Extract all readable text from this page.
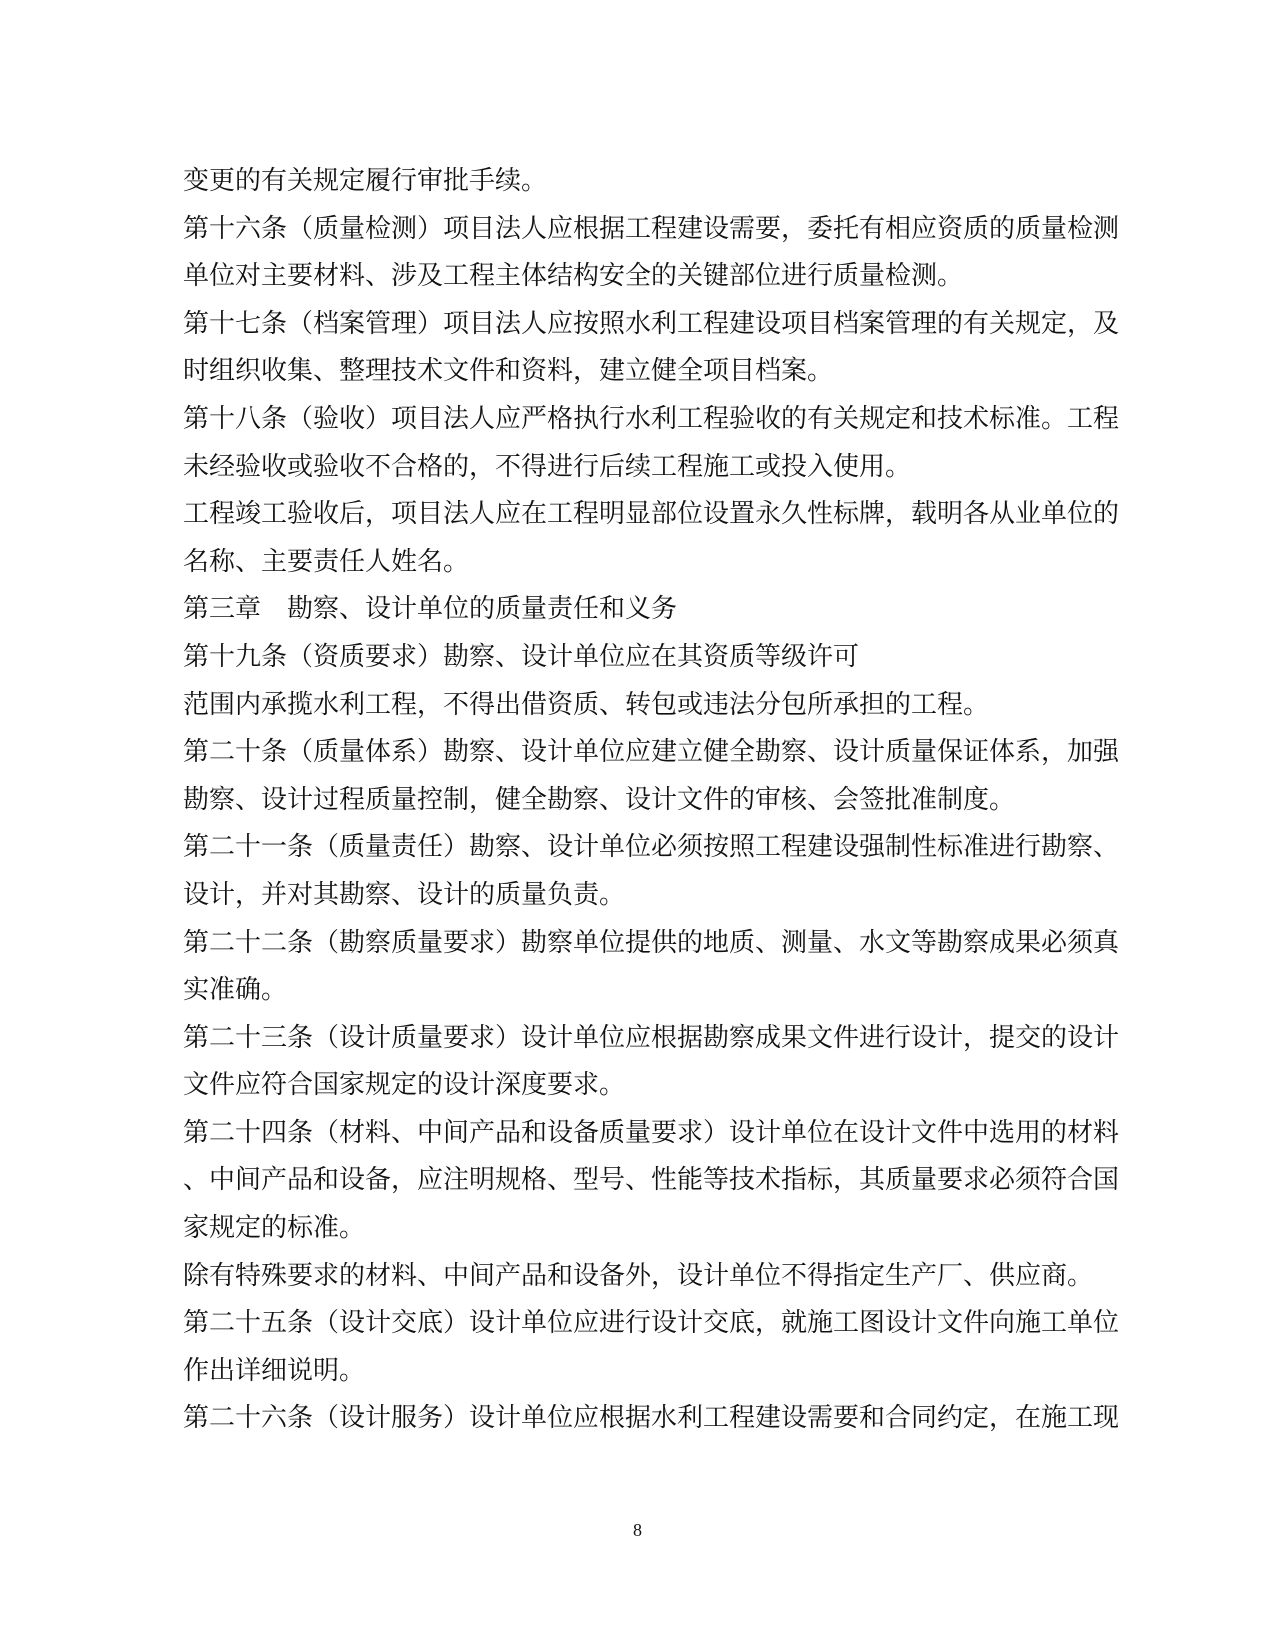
变更的有关规定履行审批手续。
第十六条（质量检测）项目法人应根据工程建设需要，委托有相应资质的质量检测
单位对主要材料、涉及工程主体结构安全的关键部位进行质量检测。
第十七条（档案管理）项目法人应按照水利工程建设项目档案管理的有关规定，及
时组织收集、整理技术文件和资料，建立健全项目档案。
第十八条（验收）项目法人应严格执行水利工程验收的有关规定和技术标准。工程
未经验收或验收不合格的，不得进行后续工程施工或投入使用。
工程竣工验收后，项目法人应在工程明显部位设置永久性标牌，载明各从业单位的
名称、主要责任人姓名。
第三章　勘察、设计单位的质量责任和义务
第十九条（资质要求）勘察、设计单位应在其资质等级许可
范围内承揽水利工程，不得出借资质、转包或违法分包所承担的工程。
第二十条（质量体系）勘察、设计单位应建立健全勘察、设计质量保证体系，加强
勘察、设计过程质量控制，健全勘察、设计文件的审核、会签批准制度。
第二十一条（质量责任）勘察、设计单位必须按照工程建设强制性标准进行勘察、
设计，并对其勘察、设计的质量负责。
第二十二条（勘察质量要求）勘察单位提供的地质、测量、水文等勘察成果必须真
实准确。
第二十三条（设计质量要求）设计单位应根据勘察成果文件进行设计，提交的设计
文件应符合国家规定的设计深度要求。
第二十四条（材料、中间产品和设备质量要求）设计单位在设计文件中选用的材料
、中间产品和设备，应注明规格、型号、性能等技术指标，其质量要求必须符合国
家规定的标准。
除有特殊要求的材料、中间产品和设备外，设计单位不得指定生产厂、供应商。
第二十五条（设计交底）设计单位应进行设计交底，就施工图设计文件向施工单位
作出详细说明。
第二十六条（设计服务）设计单位应根据水利工程建设需要和合同约定，在施工现
8
